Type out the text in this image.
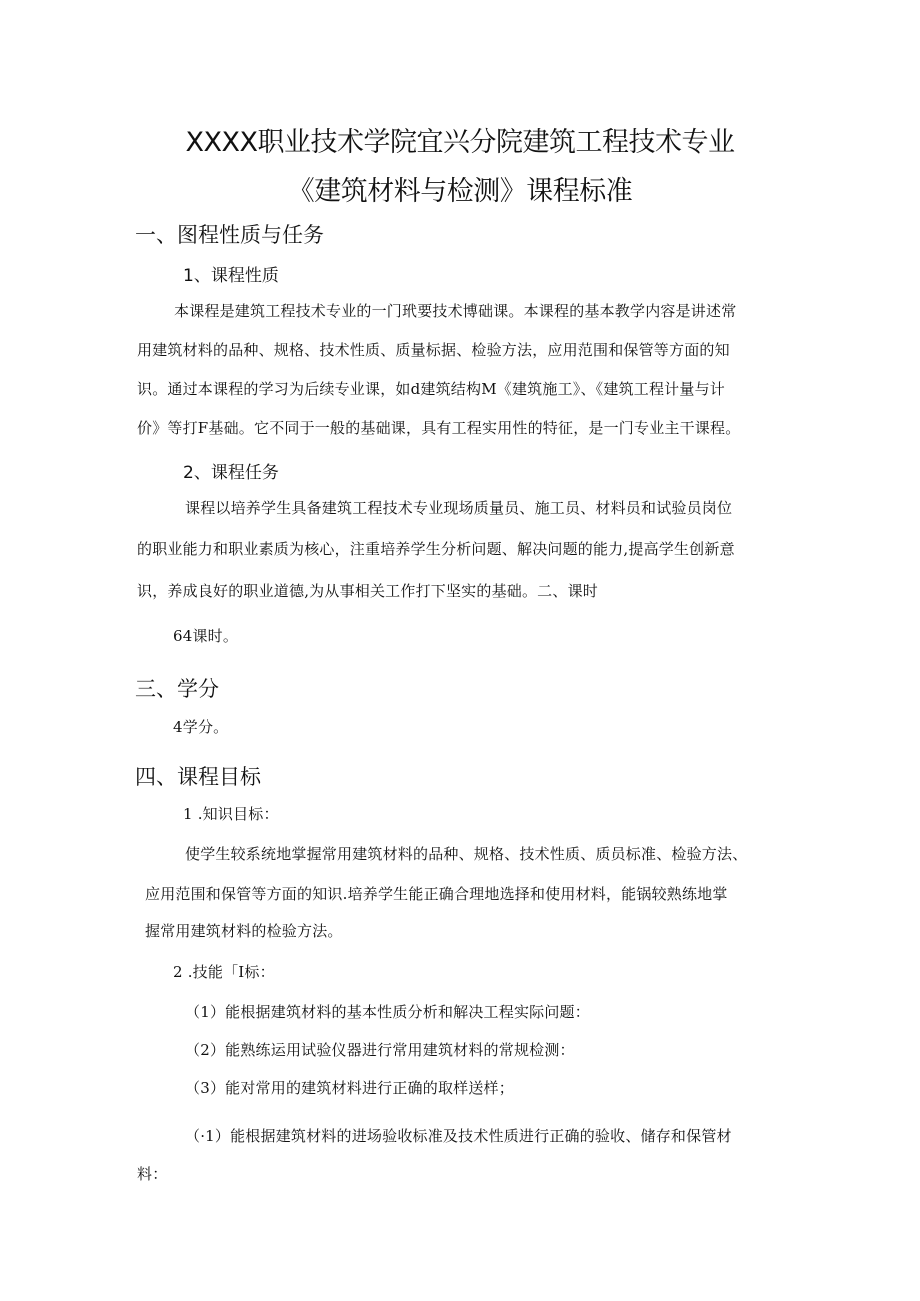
XXXX职业技术学院宜兴分院建筑工程技术专业
《建筑材料与检测》课程标准
一、图程性质与任务
1、课程性质
本课程是建筑工程技术专业的一门玳要技术博础课。本课程的基本教学内容是讲述常
用建筑材料的品种、规格、技术性质、质量标据、检验方法，应用范围和保管等方面的知
识。通过本课程的学习为后续专业课，如d建筑结构M《建筑施工》、《建筑工程计量与计
价》等打F基础。它不同于一般的基础课，具有工程实用性的特征，是一门专业主干课程。
2、课程任务
课程以培养学生具备建筑工程技术专业现场质量员、施工员、材料员和试验员岗位
的职业能力和职业素质为核心，注重培养学生分析问题、解决问题的能力,提高学生创新意
识，养成良好的职业道德,为从事相关工作打下坚实的基础。二、课时
64课时。
三、学分
4学分。
四、课程目标
1 .知识目标：
使学生较系统地掌握常用建筑材料的品种、规格、技术性质、质员标准、检验方法、
应用范围和保管等方面的知识.培养学生能正确合理地选择和使用材料，能锅较熟练地掌
握常用建筑材料的检验方法。
2 .技能「I标：
（1）能根据建筑材料的基本性质分析和解决工程实际问题：
（2）能熟练运用试验仪器进行常用建筑材料的常规检测：
（3）能对常用的建筑材料进行正确的取样送样；
（·1）能根据建筑材料的进场验收标准及技术性质进行正确的验收、储存和保管材
料：
